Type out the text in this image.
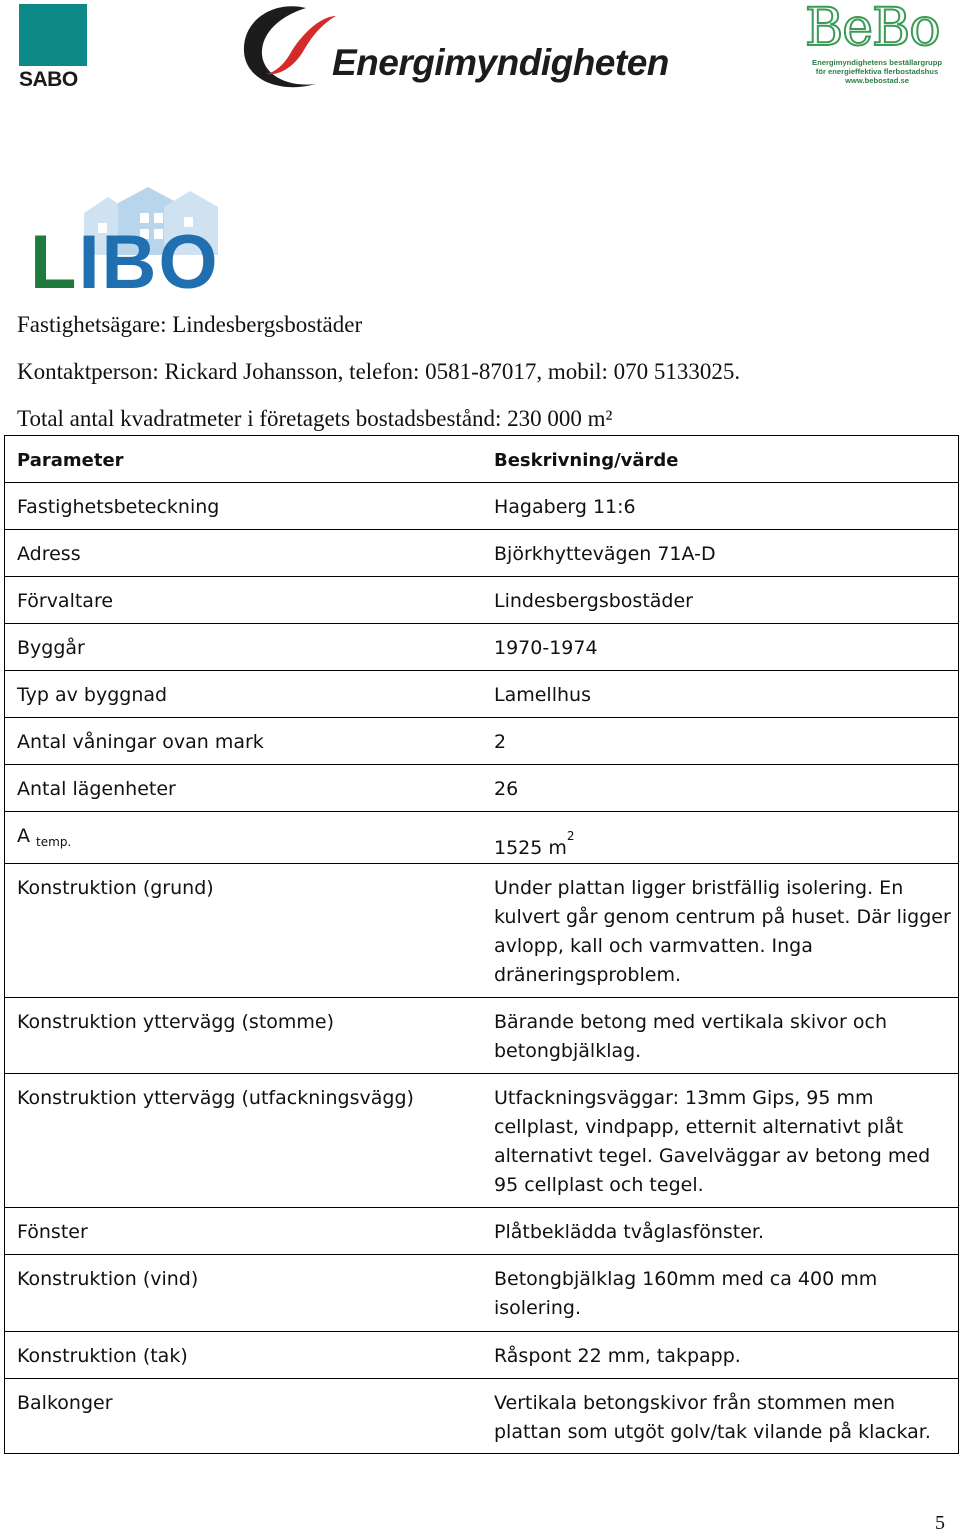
SABO	Energimyndigheten
BeBo
Energimyndighetens beställargrupp
för energieffektiva flerbostadshus
www.bebostad.se
LIBO
Fastighetsägare: Lindesbergsbostäder
Kontaktperson: Rickard Johansson, telefon: 0581-87017, mobil: 070 5133025.
Total antal kvadratmeter i företagets bostadsbestånd: 230 000 m²
Parameter	Beskrivning/värde
Fastighetsbeteckning	Hagaberg 11:6
Adress	Björkhyttevägen 71A-D
Förvaltare	Lindesbergsbostäder
Byggår	1970-1974
Typ av byggnad	Lamellhus
Antal våningar ovan mark	2
Antal lägenheter	26
A $_{temp.}$	1525 $m^2$
Konstruktion (grund)	Under plattan ligger bristfällig isolering. En kulvert går genom centrum på huset. Där ligger avlopp, kall och varmvatten. Inga dräneringsproblem.
Konstruktion yttervägg (stomme)	Bärande betong med vertikala skivor och betongbjälklag.
Konstruktion yttervägg (utfackningsvägg)	Utfackningsväggar: 13mm Gips, 95 mm cellplast, vindpapp, etternit alternativt plåt alternativt tegel. Gavelväggar av betong med 95 cellplast och tegel.
Fönster	Plåtbeklädda tvåglasfönster.
Konstruktion (vind)	Betongbjälklag 160mm med ca 400 mm isolering.
Konstruktion (tak)	Råspont 22 mm, takpapp.
Balkonger	Vertikala betongskivor från stommen men plattan som utgöt golv/tak vilande på klackar.
5
